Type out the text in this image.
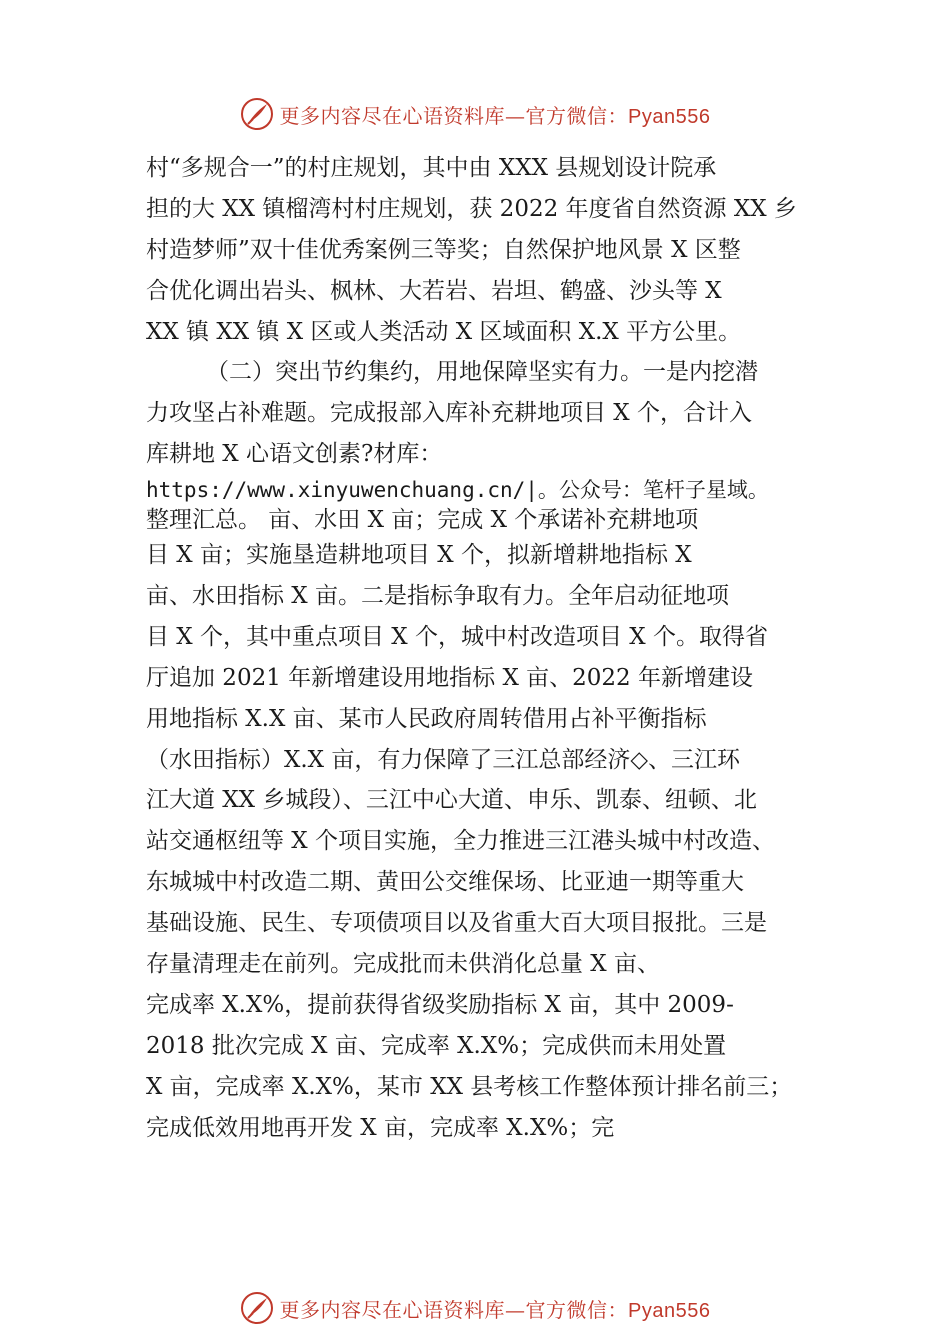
更多内容尽在心语资料库—官方微信：Pyan556
村“多规合一”的村庄规划，其中由 XXX 县规划设计院承
担的大 XX 镇榴湾村村庄规划，获 2022 年度省自然资源 XX 乡
村造梦师”双十佳优秀案例三等奖；自然保护地风景 X 区整
合优化调出岩头、枫林、大若岩、岩坦、鹤盛、沙头等 X
XX 镇 XX 镇 X 区或人类活动 X 区域面积 X.X 平方公里。
（二）突出节约集约，用地保障坚实有力。一是内挖潜
力攻坚占补难题。完成报部入库补充耕地项目 X 个，合计入
库耕地 X 心语文创素?材库：
https://www.xinyuwenchuang.cn/|。公众号：笔杆子星域。
整理汇总。 亩、水田 X 亩；完成 X 个承诺补充耕地项
目 X 亩；实施垦造耕地项目 X 个，拟新增耕地指标 X
亩、水田指标 X 亩。二是指标争取有力。全年启动征地项
目 X 个，其中重点项目 X 个，城中村改造项目 X 个。取得省
厅追加 2021 年新增建设用地指标 X 亩、2022 年新增建设
用地指标 X.X 亩、某市人民政府周转借用占补平衡指标
（水田指标）X.X 亩，有力保障了三江总部经济◇、三江环
江大道 XX 乡城段）、三江中心大道、申乐、凯泰、纽顿、北
站交通枢纽等 X 个项目实施，全力推进三江港头城中村改造、
东城城中村改造二期、黄田公交维保场、比亚迪一期等重大
基础设施、民生、专项债项目以及省重大百大项目报批。三是
存量清理走在前列。完成批而未供消化总量 X 亩、
完成率 X.X%，提前获得省级奖励指标 X 亩，其中 2009-
2018 批次完成 X 亩、完成率 X.X%；完成供而未用处置
X 亩，完成率 X.X%，某市 XX 县考核工作整体预计排名前三；
完成低效用地再开发 X 亩，完成率 X.X%；完
更多内容尽在心语资料库—官方微信：Pyan556
